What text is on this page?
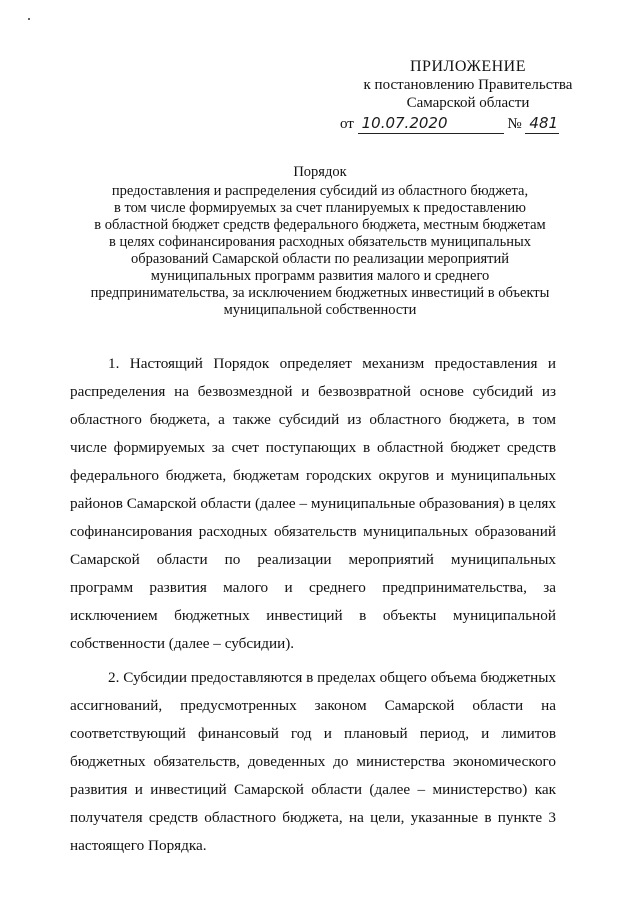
ПРИЛОЖЕНИЕ
к постановлению Правительства
Самарской области
от 10.07.2020	№ 481
Порядок
предоставления и распределения субсидий из областного бюджета,
в том числе формируемых за счет планируемых к предоставлению
в областной бюджет средств федерального бюджета, местным бюджетам
в целях софинансирования расходных обязательств муниципальных
образований Самарской области по реализации мероприятий
муниципальных программ развития малого и среднего
предпринимательства, за исключением бюджетных инвестиций в объекты
муниципальной собственности

1. Настоящий Порядок определяет механизм предоставления и распределения на безвозмездной и безвозвратной основе субсидий из областного бюджета, а также субсидий из областного бюджета, в том числе формируемых за счет поступающих в областной бюджет средств федерального бюджета, бюджетам городских округов и муниципальных районов Самарской области (далее – муниципальные образования) в целях софинансирования расходных обязательств муниципальных образований Самарской области по реализации мероприятий муниципальных программ развития малого и среднего предпринимательства, за исключением бюджетных инвестиций в объекты муниципальной собственности (далее – субсидии).

2. Субсидии предоставляются в пределах общего объема бюджетных ассигнований, предусмотренных законом Самарской области на соответствующий финансовый год и плановый период, и лимитов бюджетных обязательств, доведенных до министерства экономического развития и инвестиций Самарской области (далее – министерство) как получателя средств областного бюджета, на цели, указанные в пункте 3 настоящего Порядка.
